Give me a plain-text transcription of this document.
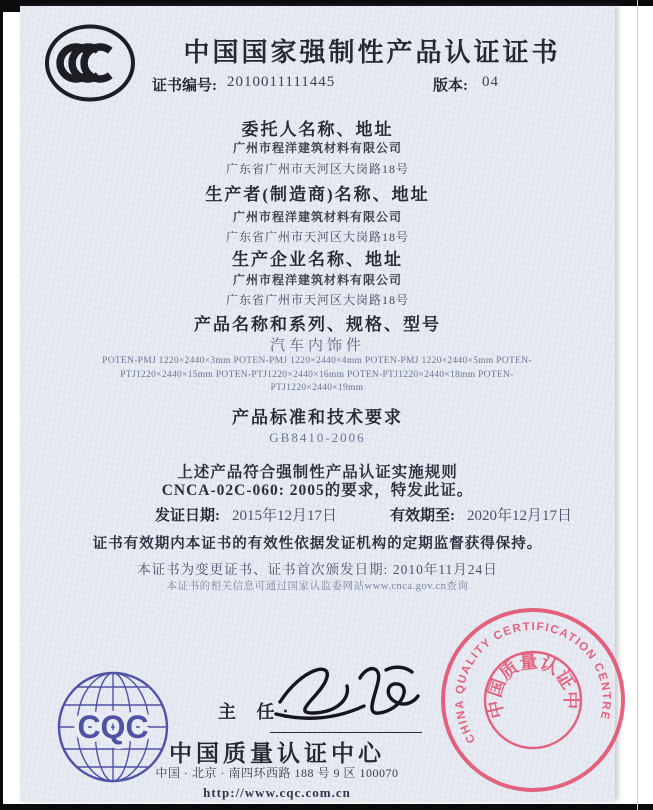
中国国家强制性产品认证证书
证书编号: 2010011111445	版本: 04
委托人名称、地址
广州市程洋建筑材料有限公司
广东省广州市天河区大岗路18号
生产者(制造商)名称、地址
广州市程洋建筑材料有限公司
广东省广州市天河区大岗路18号
生产企业名称、地址
广州市程洋建筑材料有限公司
广东省广州市天河区大岗路18号
产品名称和系列、规格、型号
汽车内饰件
POTEN-PMJ 1220×2440×3mm POTEN-PMJ 1220×2440×4mm POTEN-PMJ 1220×2440×5mm POTEN-PTJ1220×2440×15mm POTEN-PTJ1220×2440×16mm POTEN-PTJ1220×2440×18mm POTEN-PTJ1220×2440×19mm
产品标准和技术要求
GB8410-2006
上述产品符合强制性产品认证实施规则
CNCA-02C-060: 2005的要求，特发此证。
发证日期: 2015年12月17日	有效期至: 2020年12月17日
证书有效期内本证书的有效性依据发证机构的定期监督获得保持。
本证书为变更证书、证书首次颁发日期: 2010年11月24日
本证书的相关信息可通过国家认监委网站www.cnca.gov.cn查询
CQC	主 任:
中国质量认证中心
中国 · 北京 · 南四环西路 188 号 9 区 100070
http://www.cqc.com.cn
CHINA QUALITY CERTIFICATION CENTRE
中国质量认证中心
